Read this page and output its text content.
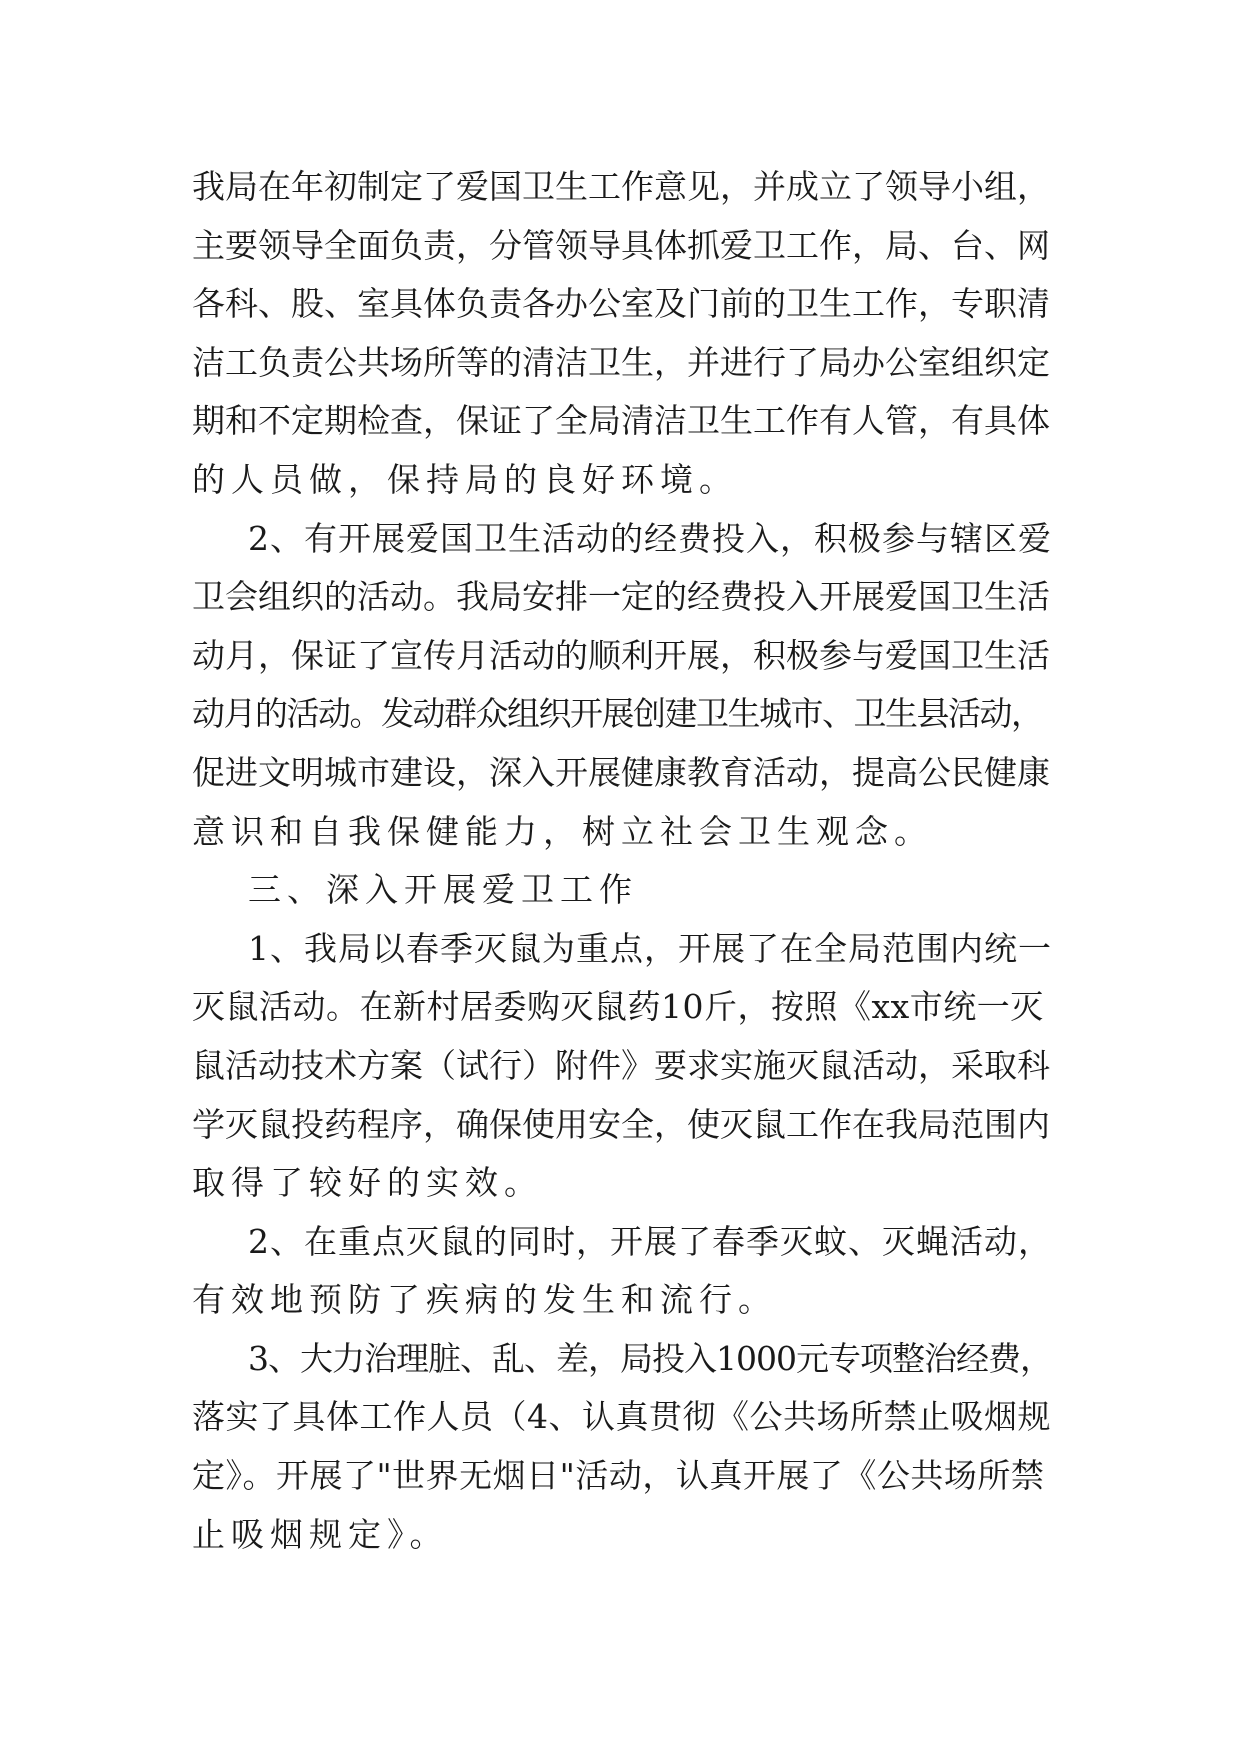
我局在年初制定了爱国卫生工作意见，并成立了领导小组，
主要领导全面负责，分管领导具体抓爱卫工作，局、台、网
各科、股、室具体负责各办公室及门前的卫生工作，专职清
洁工负责公共场所等的清洁卫生，并进行了局办公室组织定
期和不定期检查，保证了全局清洁卫生工作有人管，有具体
的人员做，保持局的良好环境。
2、有开展爱国卫生活动的经费投入，积极参与辖区爱
卫会组织的活动。我局安排一定的经费投入开展爱国卫生活
动月，保证了宣传月活动的顺利开展，积极参与爱国卫生活
动月的活动。发动群众组织开展创建卫生城市、卫生县活动，
促进文明城市建设，深入开展健康教育活动，提高公民健康
意识和自我保健能力，树立社会卫生观念。
三、深入开展爱卫工作
1、我局以春季灭鼠为重点，开展了在全局范围内统一
灭鼠活动。在新村居委购灭鼠药10斤，按照《xx市统一灭
鼠活动技术方案（试行）附件》要求实施灭鼠活动，采取科
学灭鼠投药程序，确保使用安全，使灭鼠工作在我局范围内
取得了较好的实效。
2、在重点灭鼠的同时，开展了春季灭蚊、灭蝇活动，
有效地预防了疾病的发生和流行。
3、大力治理脏、乱、差，局投入1000元专项整治经费，
落实了具体工作人员（4、认真贯彻《公共场所禁止吸烟规
定》。开展了"世界无烟日"活动，认真开展了《公共场所禁
止吸烟规定》。
